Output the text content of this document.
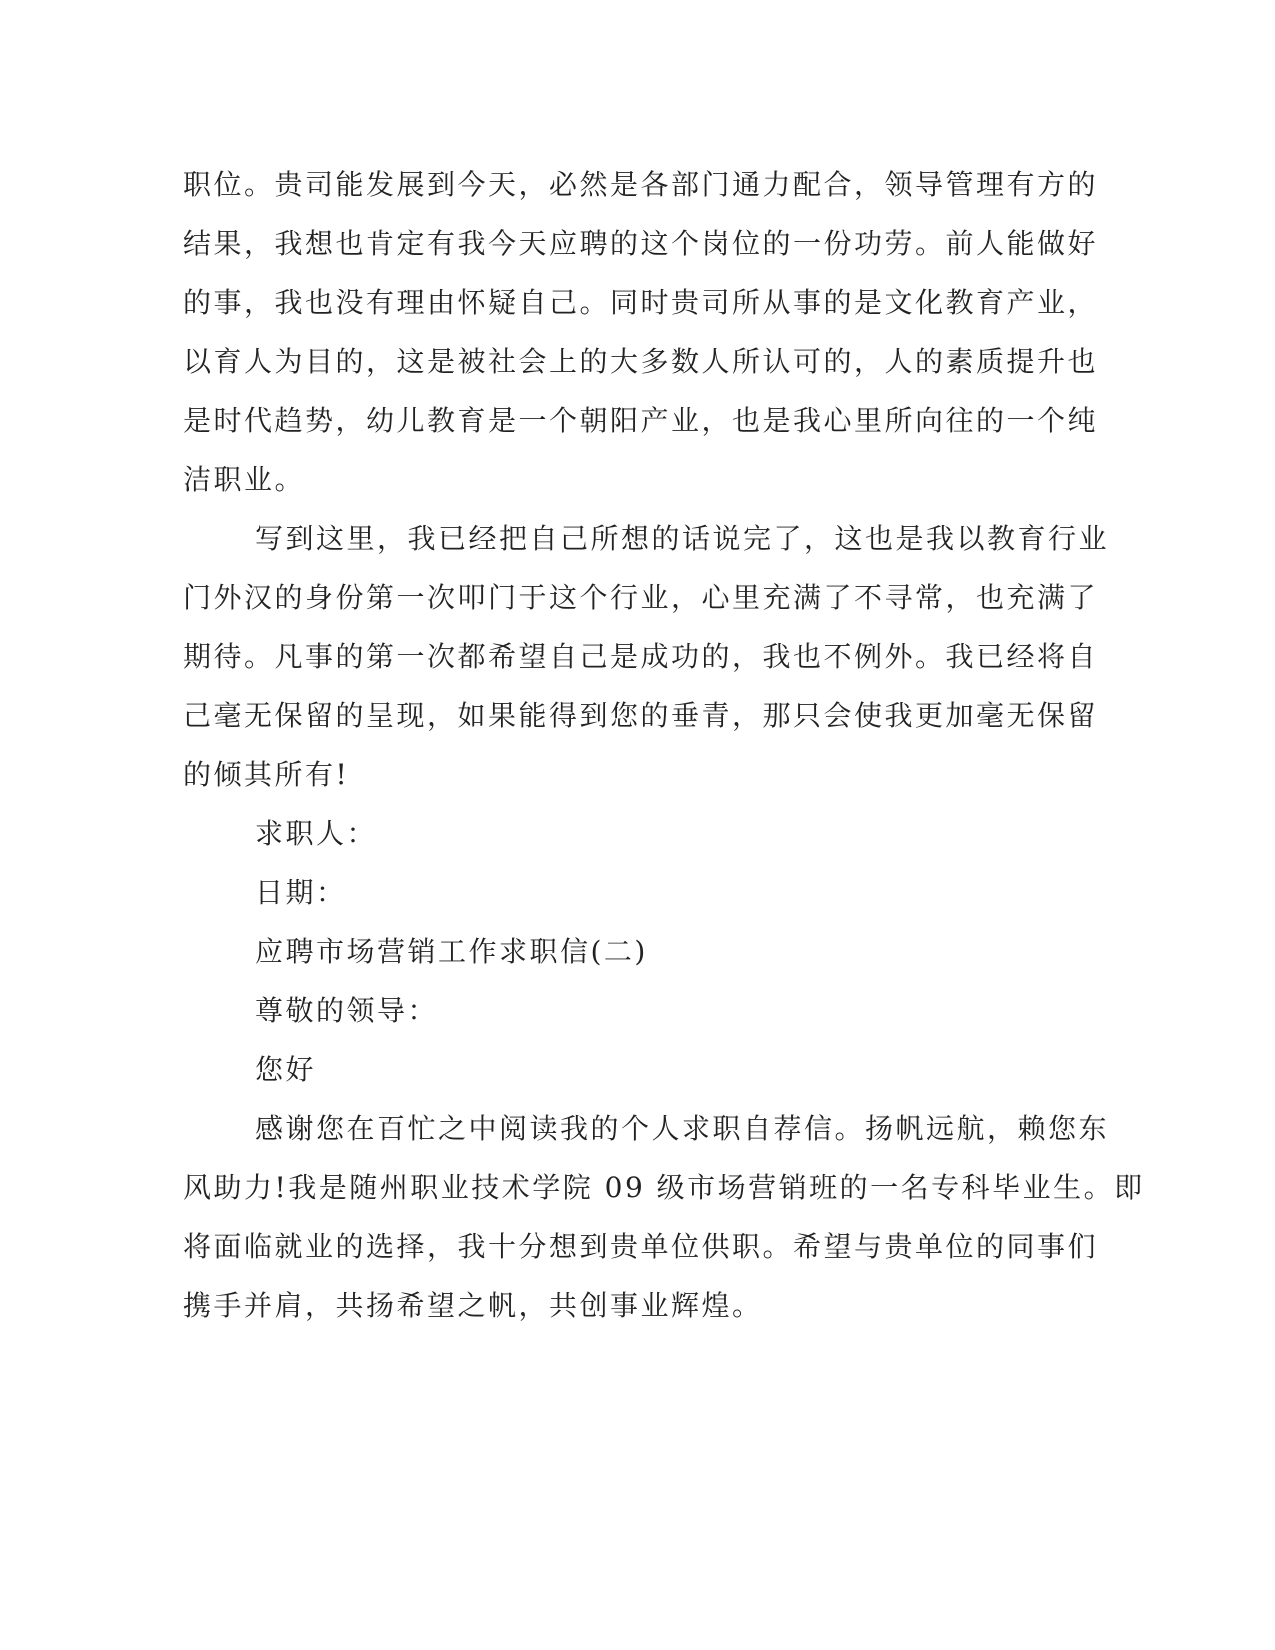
职位。贵司能发展到今天，必然是各部门通力配合，领导管理有方的
结果，我想也肯定有我今天应聘的这个岗位的一份功劳。前人能做好
的事，我也没有理由怀疑自己。同时贵司所从事的是文化教育产业，
以育人为目的，这是被社会上的大多数人所认可的，人的素质提升也
是时代趋势，幼儿教育是一个朝阳产业，也是我心里所向往的一个纯
洁职业。
写到这里，我已经把自己所想的话说完了，这也是我以教育行业
门外汉的身份第一次叩门于这个行业，心里充满了不寻常，也充满了
期待。凡事的第一次都希望自己是成功的，我也不例外。我已经将自
己毫无保留的呈现，如果能得到您的垂青，那只会使我更加毫无保留
的倾其所有!
求职人：
日期：
应聘市场营销工作求职信(二)
尊敬的领导：
您好
感谢您在百忙之中阅读我的个人求职自荐信。扬帆远航，赖您东
风助力!我是随州职业技术学院 09 级市场营销班的一名专科毕业生。即
将面临就业的选择，我十分想到贵单位供职。希望与贵单位的同事们
携手并肩，共扬希望之帆，共创事业辉煌。
